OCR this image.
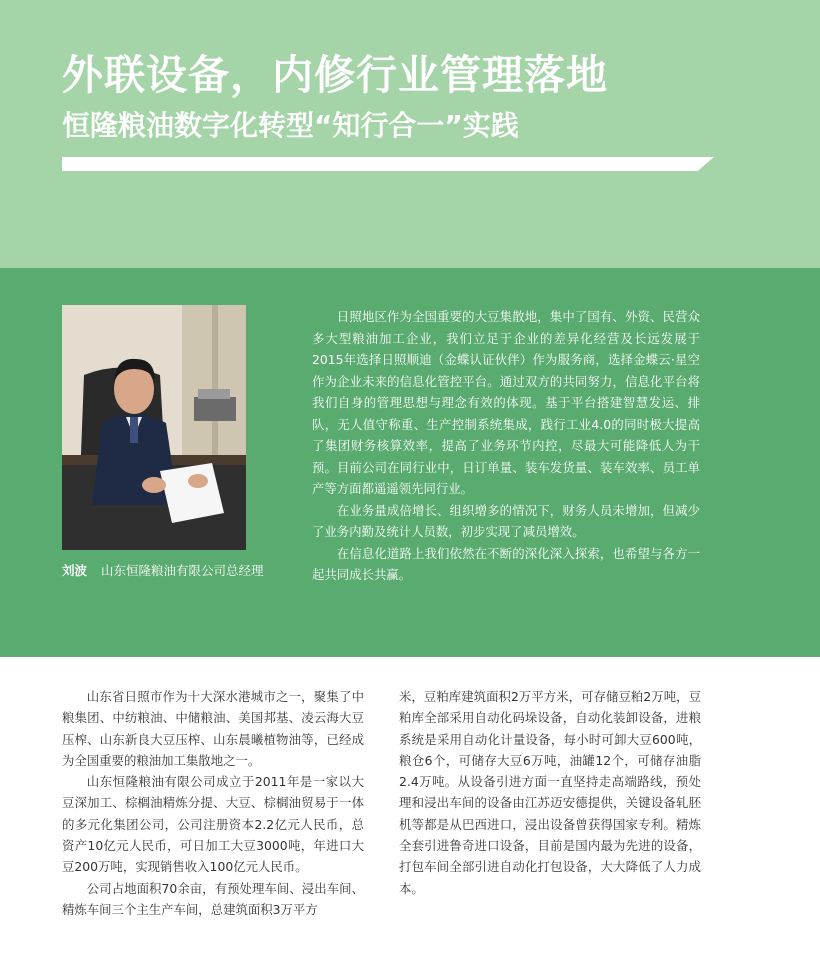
外联设备，内修行业管理落地
恒隆粮油数字化转型“知行合一”实践
刘波 山东恒隆粮油有限公司总经理

日照地区作为全国重要的大豆集散地，集中了国有、外资、民营众多大型粮油加工企业，我们立足于企业的差异化经营及长远发展于2015年选择日照顺迪（金蝶认证伙伴）作为服务商，选择金蝶云·星空作为企业未来的信息化管控平台。通过双方的共同努力，信息化平台将我们自身的管理思想与理念有效的体现。基于平台搭建智慧发运、排队，无人值守称重、生产控制系统集成，践行工业4.0的同时极大提高了集团财务核算效率，提高了业务环节内控，尽最大可能降低人为干预。目前公司在同行业中，日订单量、装车发货量、装车效率、员工单产等方面都遥遥领先同行业。

在业务量成倍增长、组织增多的情况下，财务人员未增加，但减少了业务内勤及统计人员数，初步实现了减员增效。

在信息化道路上我们依然在不断的深化深入探索，也希望与各方一起共同成长共赢。

山东省日照市作为十大深水港城市之一，聚集了中粮集团、中纺粮油、中储粮油、美国邦基、凌云海大豆压榨、山东新良大豆压榨、山东晨曦植物油等，已经成为全国重要的粮油加工集散地之一。

山东恒隆粮油有限公司成立于2011年是一家以大豆深加工、棕榈油精炼分提、大豆、棕榈油贸易于一体的多元化集团公司，公司注册资本2.2亿元人民币，总资产10亿元人民币，可日加工大豆3000吨，年进口大豆200万吨，实现销售收入100亿元人民币。

公司占地面积70余亩，有预处理车间、浸出车间、精炼车间三个主生产车间，总建筑面积3万平方

米，豆粕库建筑面积2万平方米，可存储豆粕2万吨，豆粕库全部采用自动化码垛设备，自动化装卸设备，进粮系统是采用自动化计量设备，每小时可卸大豆600吨，粮仓6个，可储存大豆6万吨，油罐12个，可储存油脂2.4万吨。从设备引进方面一直坚持走高端路线，预处理和浸出车间的设备由江苏迈安德提供，关键设备轧胚机等都是从巴西进口，浸出设备曾获得国家专利。精炼全套引进鲁奇进口设备，目前是国内最为先进的设备，打包车间全部引进自动化打包设备，大大降低了人力成本。
